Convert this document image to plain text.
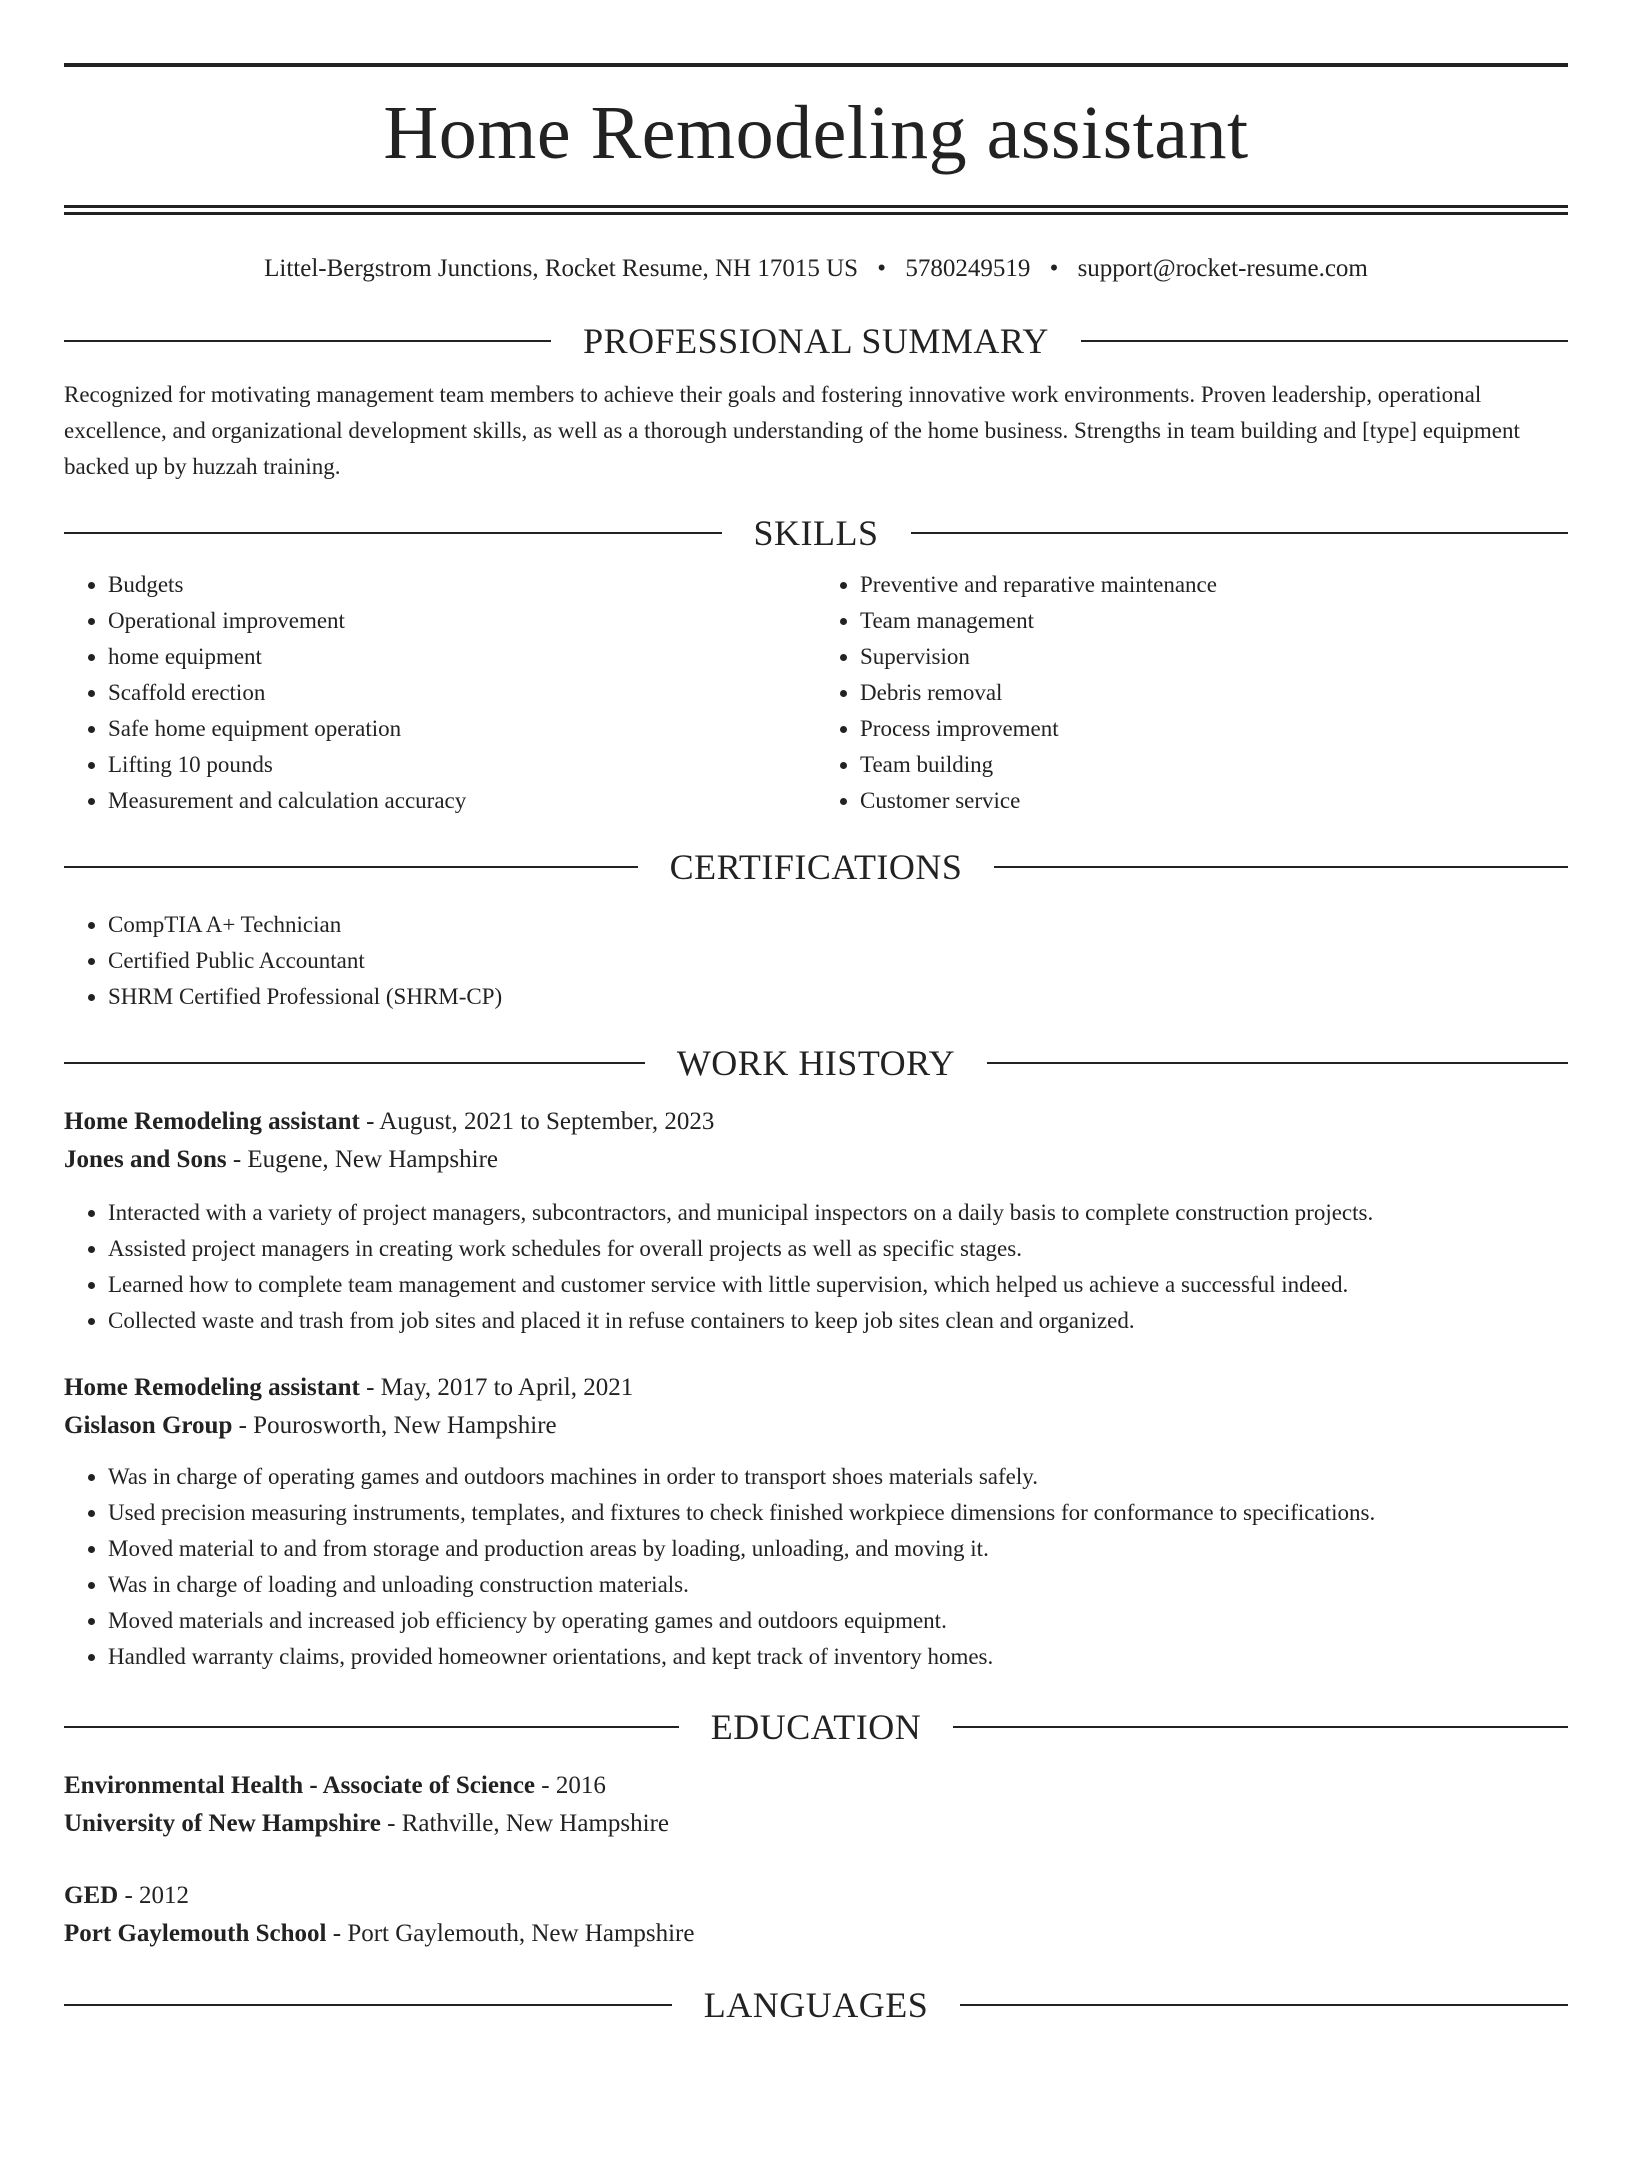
Home Remodeling assistant
Littel-Bergstrom Junctions, Rocket Resume, NH 17015 US • 5780249519 • support@rocket-resume.com
PROFESSIONAL SUMMARY

Recognized for motivating management team members to achieve their goals and fostering innovative work environments. Proven leadership, operational excellence, and organizational development skills, as well as a thorough understanding of the home business. Strengths in team building and [type] equipment backed up by huzzah training.

SKILLS
• Budgets
• Operational improvement
• home equipment
• Scaffold erection
• Safe home equipment operation
• Lifting 10 pounds
• Measurement and calculation accuracy
• Preventive and reparative maintenance
• Team management
• Supervision
• Debris removal
• Process improvement
• Team building
• Customer service
CERTIFICATIONS
• CompTIA A+ Technician
• Certified Public Accountant
• SHRM Certified Professional (SHRM-CP)
WORK HISTORY
Home Remodeling assistant - August, 2021 to September, 2023
Jones and Sons - Eugene, New Hampshire
• Interacted with a variety of project managers, subcontractors, and municipal inspectors on a daily basis to complete construction projects.
• Assisted project managers in creating work schedules for overall projects as well as specific stages.
• Learned how to complete team management and customer service with little supervision, which helped us achieve a successful indeed.
• Collected waste and trash from job sites and placed it in refuse containers to keep job sites clean and organized.
Home Remodeling assistant - May, 2017 to April, 2021
Gislason Group - Pourosworth, New Hampshire
• Was in charge of operating games and outdoors machines in order to transport shoes materials safely.
• Used precision measuring instruments, templates, and fixtures to check finished workpiece dimensions for conformance to specifications.
• Moved material to and from storage and production areas by loading, unloading, and moving it.
• Was in charge of loading and unloading construction materials.
• Moved materials and increased job efficiency by operating games and outdoors equipment.
• Handled warranty claims, provided homeowner orientations, and kept track of inventory homes.
EDUCATION
Environmental Health - Associate of Science - 2016
University of New Hampshire - Rathville, New Hampshire
GED - 2012
Port Gaylemouth School - Port Gaylemouth, New Hampshire
LANGUAGES
